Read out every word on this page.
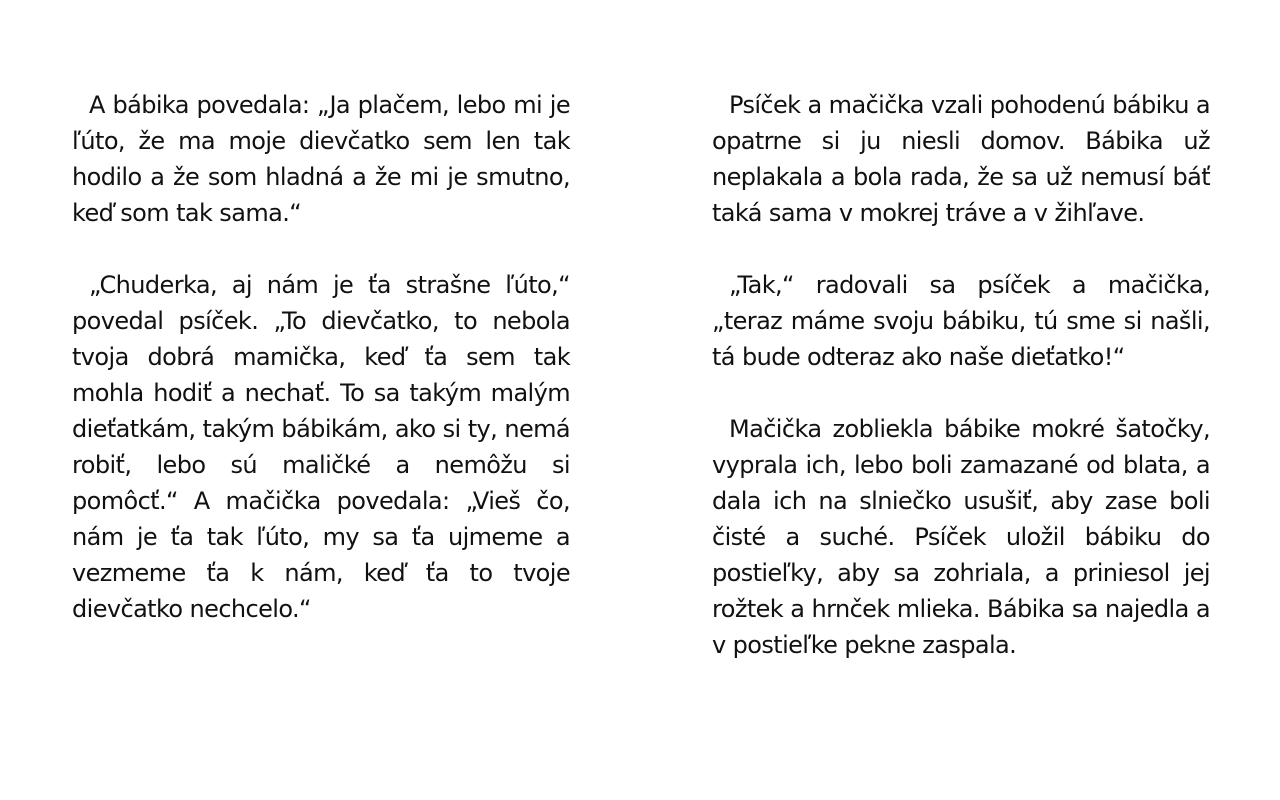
A bábika povedala: „Ja plačem, lebo mi je ľúto, že ma moje dievčatko sem len tak hodilo a že som hladná a že mi je smutno, keď som tak sama.“

„Chuderka, aj nám je ťa strašne ľúto,“ povedal psíček. „To dievčatko, to nebola tvoja dobrá mamička, keď ťa sem tak mohla hodiť a nechať. To sa takým malým dieťatkám, takým bábikám, ako si ty, nemá robiť, lebo sú maličké a nemôžu si pomôcť.“ A mačička povedala: „Vieš čo, nám je ťa tak ľúto, my sa ťa ujmeme a vezmeme ťa k nám, keď ťa to tvoje dievčatko nechcelo.“

Psíček a mačička vzali pohodenú bábiku a opatrne si ju niesli domov. Bábika už neplakala a bola rada, že sa už nemusí báť taká sama v mokrej tráve a v žihľave.

„Tak,“ radovali sa psíček a mačička, „teraz máme svoju bábiku, tú sme si našli, tá bude odteraz ako naše dieťatko!“

Mačička zobliekla bábike mokré šatočky, vyprala ich, lebo boli zamazané od blata, a dala ich na slniečko usušiť, aby zase boli čisté a suché. Psíček uložil bábiku do postieľky, aby sa zohriala, a priniesol jej rožtek a hrnček mlieka. Bábika sa najedla a v postieľke pekne zaspala.
